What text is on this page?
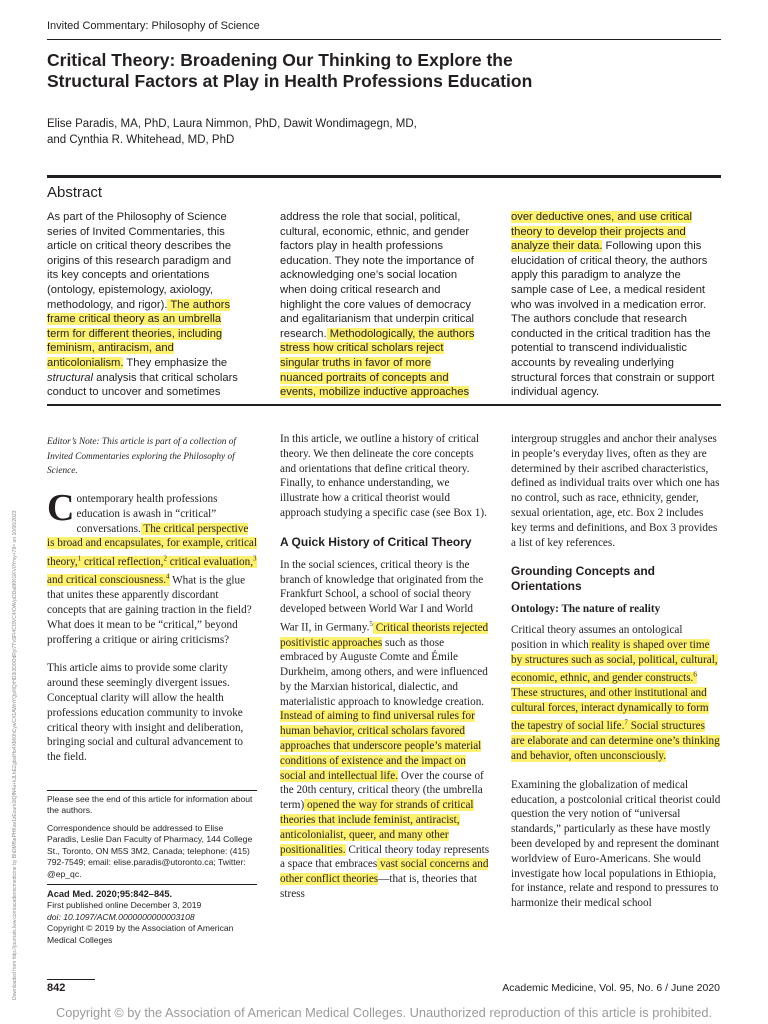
Downloaded from http://journals.lww.com/academicmedicine by BhDMf5ePHKav1zEoum1tQfN4a+kJLhEZgbsIHo4XMi0hCywCX1AWnYQp/IlQrHD3i3D0OdRyi7TvSFl4Cf3VC4/OAVpDDa8KKGKV0Ymy+78= on 10/06/2023
Invited Commentary: Philosophy of Science
Critical Theory: Broadening Our Thinking to Explore the Structural Factors at Play in Health Professions Education
Elise Paradis, MA, PhD, Laura Nimmon, PhD, Dawit Wondimagegn, MD,
and Cynthia R. Whitehead, MD, PhD
Abstract

As part of the Philosophy of Science series of Invited Commentaries, this article on critical theory describes the origins of this research paradigm and its key concepts and orientations (ontology, epistemology, axiology, methodology, and rigor). The authors frame critical theory as an umbrella term for different theories, including feminism, antiracism, and anticolonialism. They emphasize the structural analysis that critical scholars conduct to uncover and sometimes

address the role that social, political, cultural, economic, ethnic, and gender factors play in health professions education. They note the importance of acknowledging one’s social location when doing critical research and highlight the core values of democracy and egalitarianism that underpin critical research. Methodologically, the authors stress how critical scholars reject singular truths in favor of more nuanced portraits of concepts and events, mobilize inductive approaches

over deductive ones, and use critical theory to develop their projects and analyze their data. Following upon this elucidation of critical theory, the authors apply this paradigm to analyze the sample case of Lee, a medical resident who was involved in a medication error. The authors conclude that research conducted in the critical tradition has the potential to transcend individualistic accounts by revealing underlying structural forces that constrain or support individual agency.

Editor’s Note: This article is part of a collection of Invited Commentaries exploring the Philosophy of Science.

Contemporary health professions education is awash in “critical” conversations. The critical perspective is broad and encapsulates, for example, critical theory,$^1$ critical reflection,$^2$ critical evaluation,$^3$ and critical consciousness.$^4$ What is the glue that unites these apparently discordant concepts that are gaining traction in the field? What does it mean to be “critical,” beyond proffering a critique or airing criticisms?

This article aims to provide some clarity around these seemingly divergent issues. Conceptual clarity will allow the health professions education community to invoke critical theory with insight and deliberation, bringing social and cultural advancement to the field.

Please see the end of this article for information about the authors.
Correspondence should be addressed to Elise Paradis, Leslie Dan Faculty of Pharmacy, 144 College St., Toronto, ON M5S 3M2, Canada; telephone: (415) 792-7549; email: elise.paradis@utoronto.ca; Twitter: @ep_qc.
Acad Med. 2020;95:842–845.
First published online December 3, 2019
doi: 10.1097/ACM.0000000000003108
Copyright © 2019 by the Association of American Medical Colleges

In this article, we outline a history of critical theory. We then delineate the core concepts and orientations that define critical theory. Finally, to enhance understanding, we illustrate how a critical theorist would approach studying a specific case (see Box 1).

A Quick History of Critical Theory

In the social sciences, critical theory is the branch of knowledge that originated from the Frankfurt School, a school of social theory developed between World War I and World War II, in Germany.$^5$ Critical theorists rejected positivistic approaches such as those embraced by Auguste Comte and Émile Durkheim, among others, and were influenced by the Marxian historical, dialectic, and materialistic approach to knowledge creation. Instead of aiming to find universal rules for human behavior, critical scholars favored approaches that underscore people’s material conditions of existence and the impact on social and intellectual life. Over the course of the 20th century, critical theory (the umbrella term) opened the way for strands of critical theories that include feminist, antiracist, anticolonialist, queer, and many other positionalities. Critical theory today represents a space that embraces vast social concerns and other conflict theories—that is, theories that stress

intergroup struggles and anchor their analyses in people’s everyday lives, often as they are determined by their ascribed characteristics, defined as individual traits over which one has no control, such as race, ethnicity, gender, sexual orientation, age, etc. Box 2 includes key terms and definitions, and Box 3 provides a list of key references.

Grounding Concepts and Orientations
Ontology: The nature of reality

Critical theory assumes an ontological position in which reality is shaped over time by structures such as social, political, cultural, economic, ethnic, and gender constructs.$^6$ These structures, and other institutional and cultural forces, interact dynamically to form the tapestry of social life.$^7$ Social structures are elaborate and can determine one’s thinking and behavior, often unconsciously.

Examining the globalization of medical education, a postcolonial critical theorist could question the very notion of “universal standards,” particularly as these have mostly been developed by and represent the dominant worldview of Euro-Americans. She would investigate how local populations in Ethiopia, for instance, relate and respond to pressures to harmonize their medical school

842	Academic Medicine, Vol. 95, No. 6 / June 2020
Copyright © by the Association of American Medical Colleges. Unauthorized reproduction of this article is prohibited.
